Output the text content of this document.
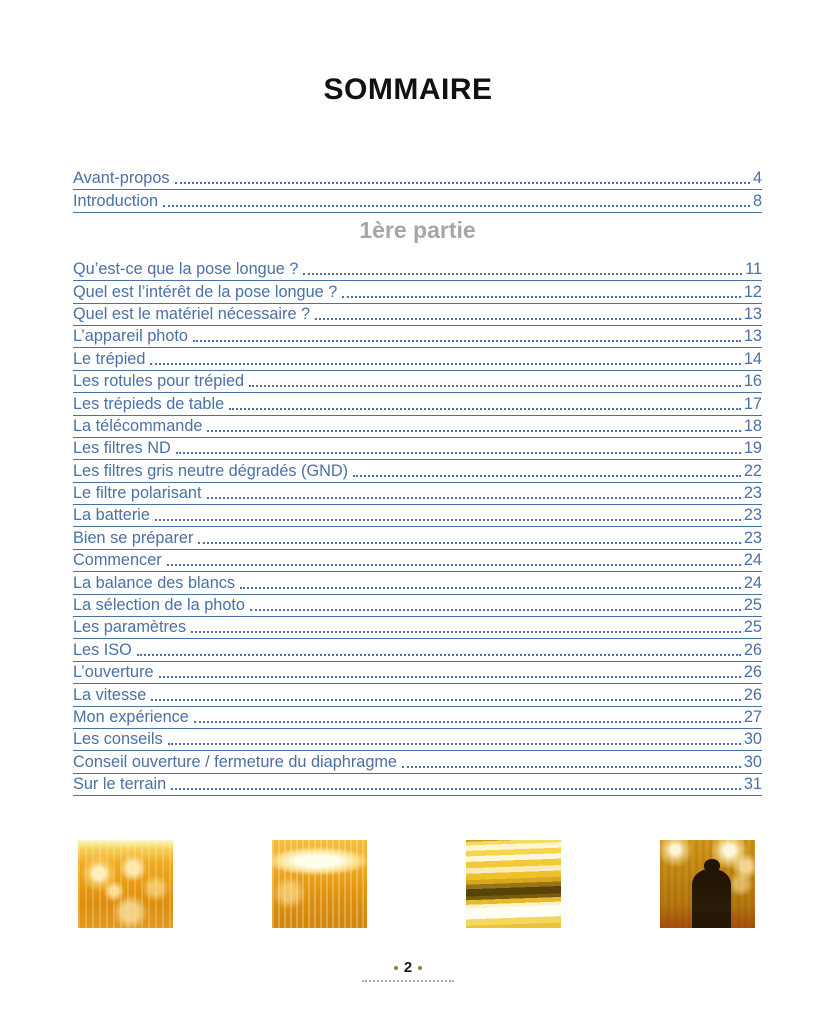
SOMMAIRE
Avant-propos	4
Introduction	8
1ère partie
Qu’est-ce que la pose longue ?	11
Quel est l’intérêt de la pose longue ?	12
Quel est le matériel nécessaire ?	13
L’appareil photo	13
Le trépied	14
Les rotules pour trépied	16
Les trépieds de table	17
La télécommande	18
Les filtres ND	19
Les filtres gris neutre dégradés (GND)	22
Le filtre polarisant	23
La batterie	23
Bien se préparer	23
Commencer	24
La balance des blancs	24
La sélection de la photo	25
Les paramètres	25
Les ISO	26
L’ouverture	26
La vitesse	26
Mon expérience	27
Les conseils	30
Conseil ouverture / fermeture du diaphragme	30
Sur le terrain	31
2
